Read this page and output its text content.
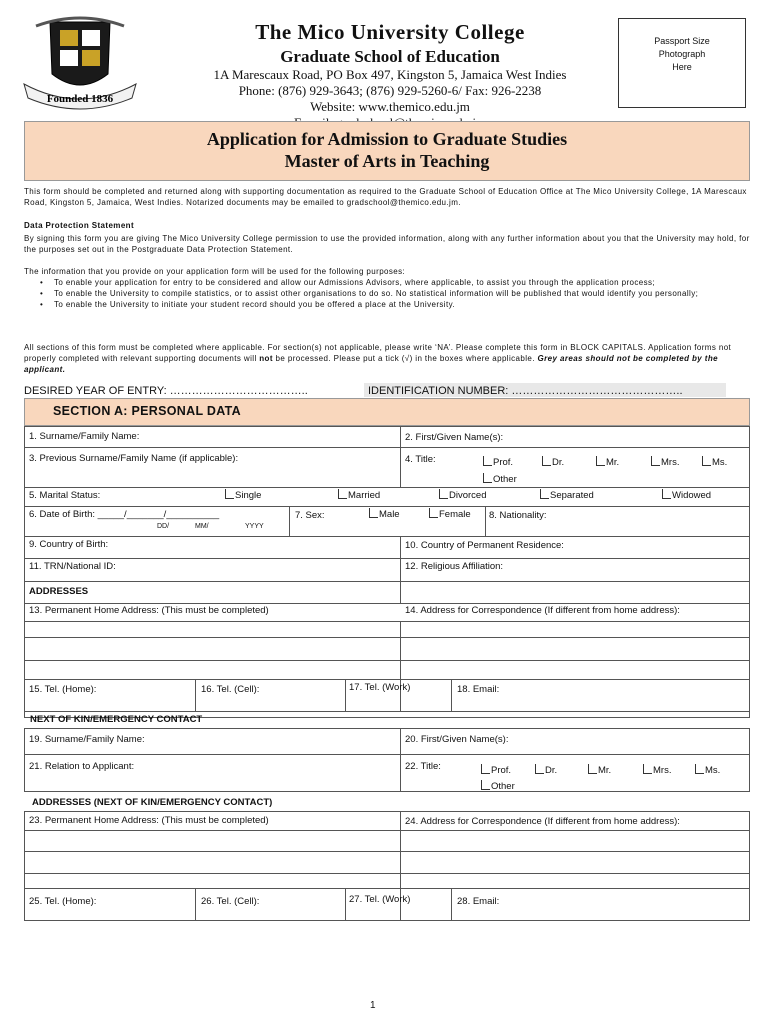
Founded 1836
The Mico University College
Graduate School of Education
1A Marescaux Road, PO Box 497, Kingston 5, Jamaica West Indies
Phone: (876) 929-3643; (876) 929-5260-6/ Fax: 926-2238
Website: www.themico.edu.jm
Passport Size
Photograph
Here
Application for Admission to Graduate Studies
Master of Arts in Teaching
This form should be completed and returned along with supporting documentation as required to the Graduate School of Education Office at The Mico University College, 1A Marescaux Road, Kingston 5, Jamaica, West Indies. Notarized documents may be emailed to gradschool@themico.edu.jm.
Data Protection Statement
By signing this form you are giving The Mico University College permission to use the provided information, along with any further information about you that the University may hold, for the purposes set out in the Postgraduate Data Protection Statement.
The information that you provide on your application form will be used for the following purposes:
• To enable your application for entry to be considered and allow our Admissions Advisors, where applicable, to assist you through the application process;
• To enable the University to compile statistics, or to assist other organisations to do so. No statistical information will be published that would identify you personally;
• To enable the University to initiate your student record should you be offered a place at the University.
All sections of this form must be completed where applicable. For section(s) not applicable, please write ‘NA’. Please complete this form in BLOCK CAPITALS. Application forms not properly completed with relevant supporting documents will not be processed. Please put a tick (√) in the boxes where applicable. Grey areas should not be completed by the applicant.
DESIRED YEAR OF ENTRY: ………………………………..	IDENTIFICATION NUMBER: ………………………………………..
SECTION A: PERSONAL DATA
1. Surname/Family Name:	2. First/Given Name(s):
3. Previous Surname/Family Name (if applicable):	4. Title:	Prof.	Dr.	Mr.	Mrs.	Ms.
Other
5. Marital Status:	Single	Married	Divorced	Separated	Widowed
6. Date of Birth: _____/_______/__________
DD/	MM/	YYYY
7. Sex:	Male	Female 8. Nationality:
9. Country of Birth:	10. Country of Permanent Residence:
11. TRN/National ID:	12. Religious Affiliation:
ADDRESSES
13. Permanent Home Address: (This must be completed)	14. Address for Correspondence (If different from home address):
15. Tel. (Home):	16. Tel. (Cell):	17. Tel. (Work)	18. Email:
NEXT OF KIN/EMERGENCY CONTACT
19. Surname/Family Name:	20. First/Given Name(s):
21. Relation to Applicant:	22. Title:	Prof.	Dr.	Mr.	Mrs.	Ms.
Other
ADDRESSES (NEXT OF KIN/EMERGENCY CONTACT)
23. Permanent Home Address: (This must be completed)	24. Address for Correspondence (If different from home address):
25. Tel. (Home):	26. Tel. (Cell):	27. Tel. (Work)	28. Email:
1
